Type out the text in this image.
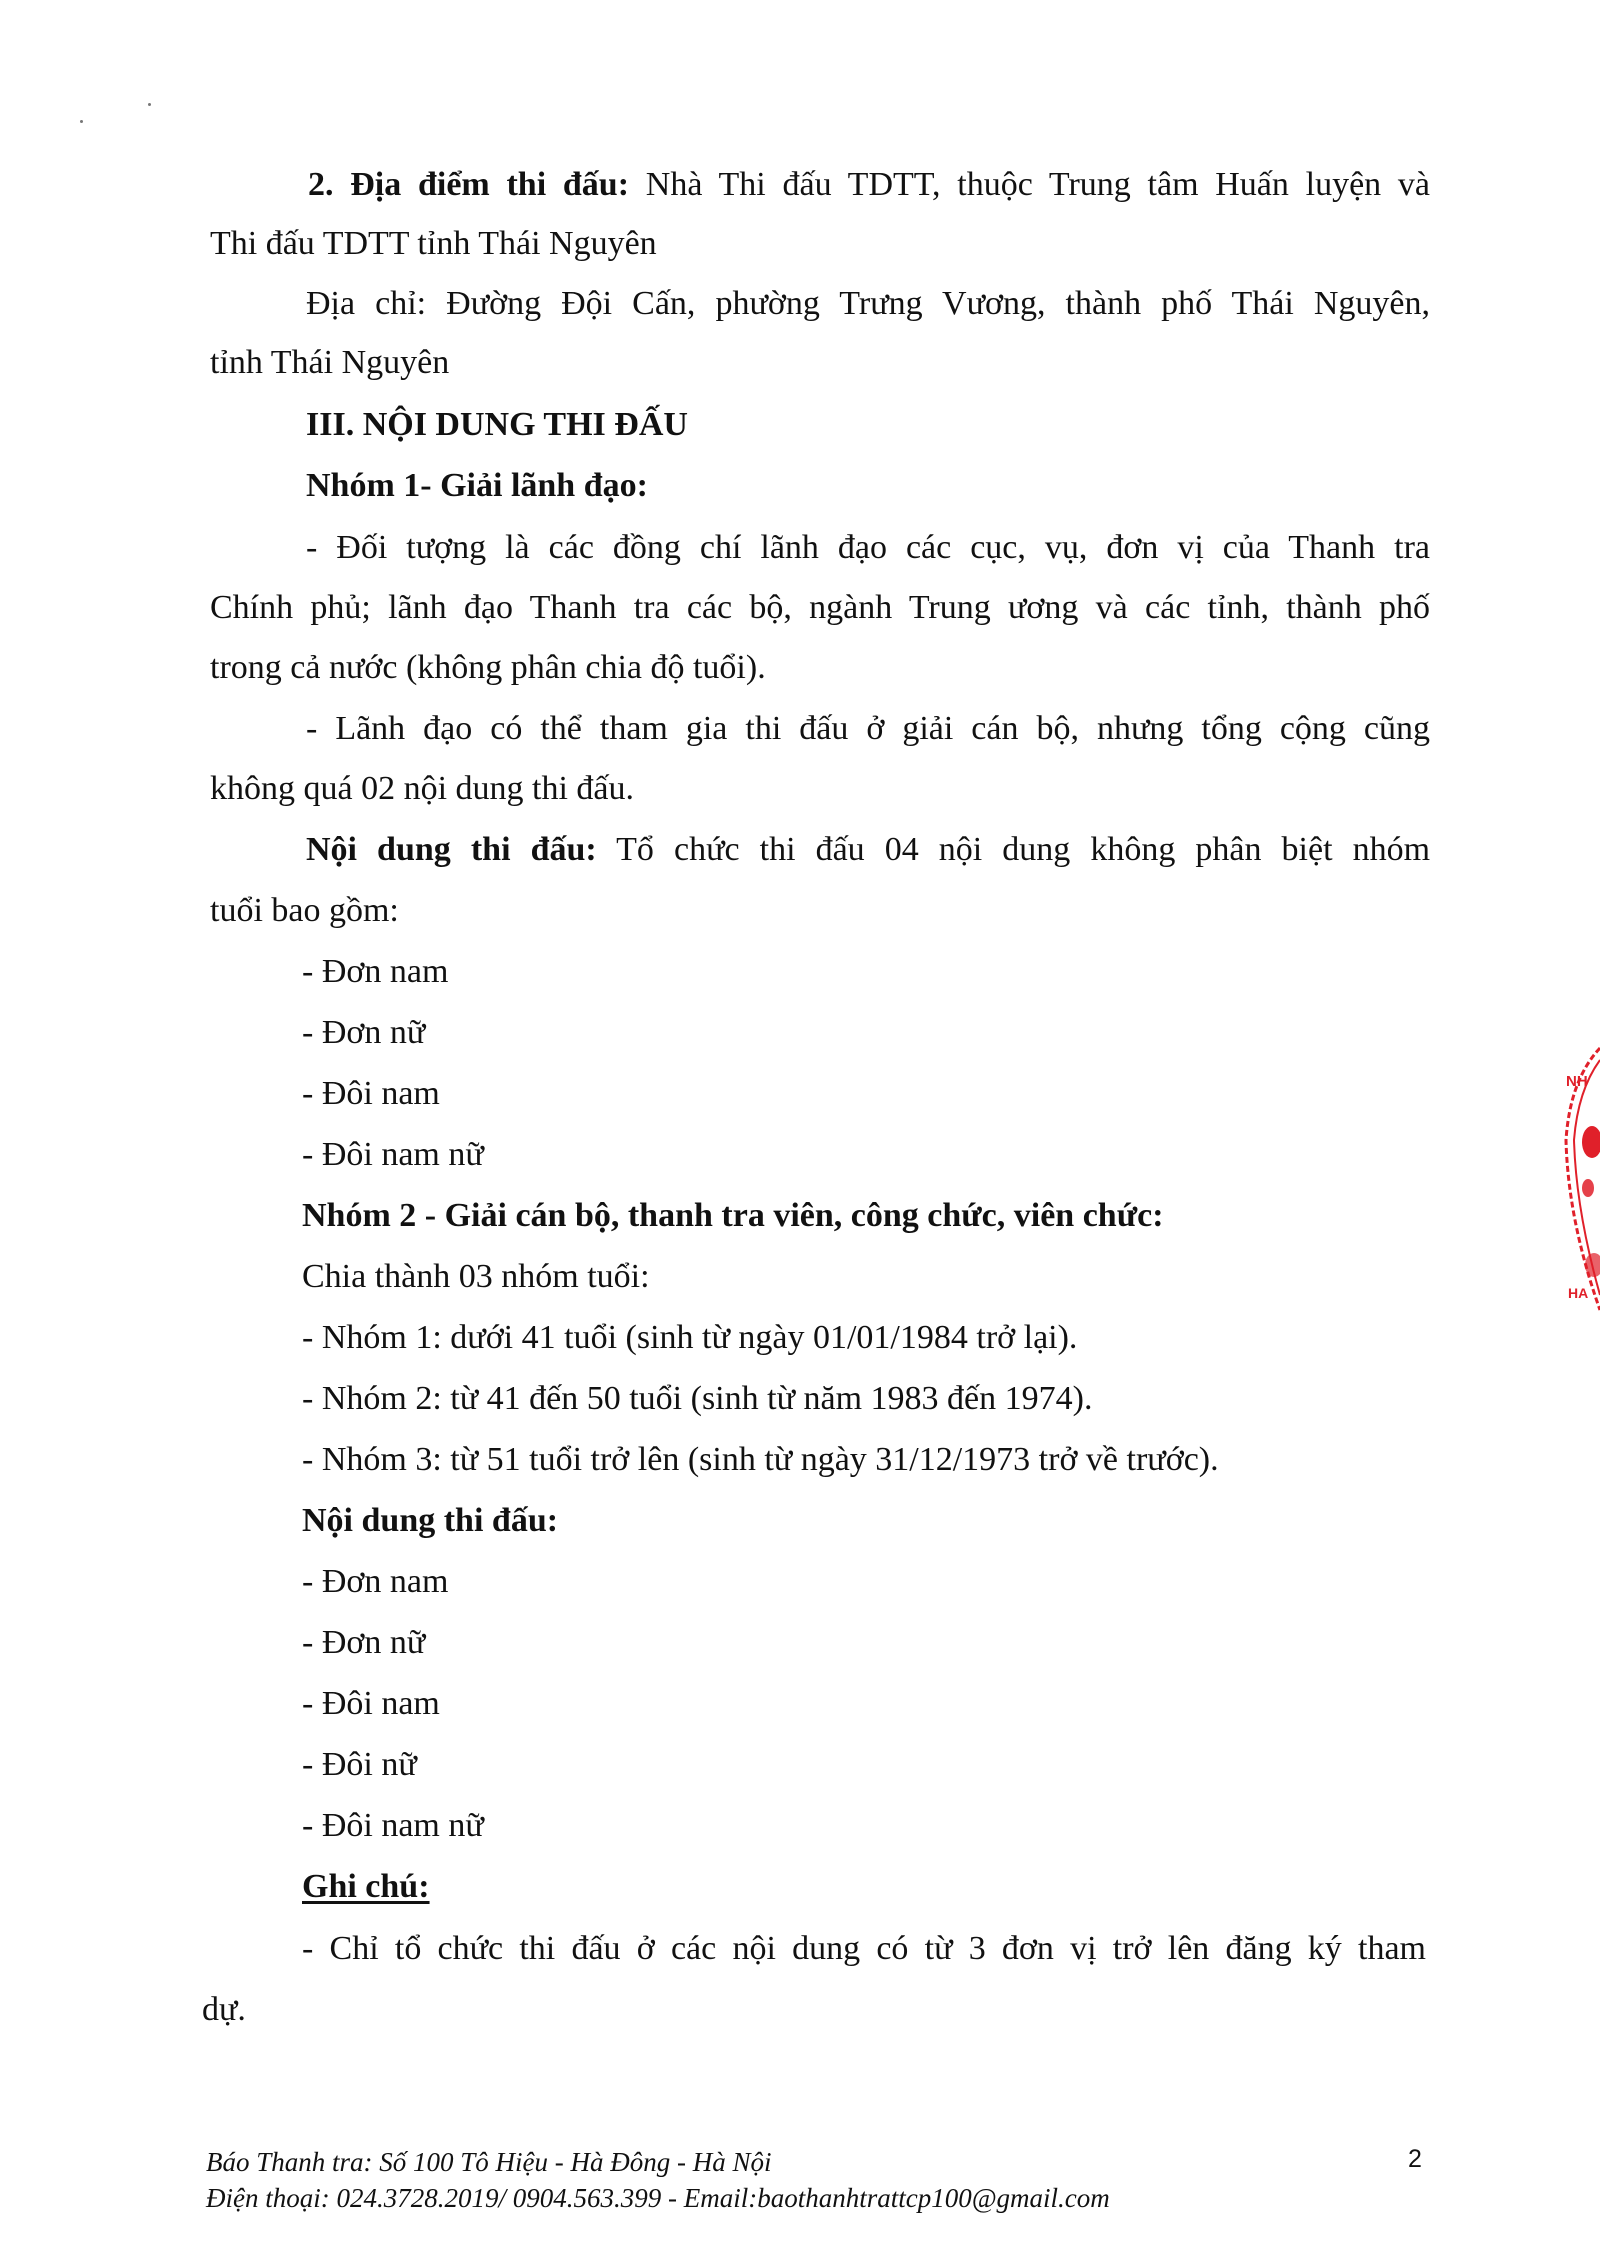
2. Địa điểm thi đấu: Nhà Thi đấu TDTT, thuộc Trung tâm Huấn luyện và

Thi đấu TDTT tỉnh Thái Nguyên

Địa chỉ: Đường Đội Cấn, phường Trưng Vương, thành phố Thái Nguyên,

tỉnh Thái Nguyên

III. NỘI DUNG THI ĐẤU

Nhóm 1- Giải lãnh đạo:

- Đối tượng là các đồng chí lãnh đạo các cục, vụ, đơn vị của Thanh tra

Chính phủ; lãnh đạo Thanh tra các bộ, ngành Trung ương và các tỉnh, thành phố

trong cả nước (không phân chia độ tuổi).

- Lãnh đạo có thể tham gia thi đấu ở giải cán bộ, nhưng tổng cộng cũng

không quá 02 nội dung thi đấu.

Nội dung thi đấu: Tổ chức thi đấu 04 nội dung không phân biệt nhóm

tuổi bao gồm:

- Đơn nam

- Đơn nữ

- Đôi nam

- Đôi nam nữ

Nhóm 2 - Giải cán bộ, thanh tra viên, công chức, viên chức:

Chia thành 03 nhóm tuổi:

- Nhóm 1: dưới 41 tuổi (sinh từ ngày 01/01/1984 trở lại).

- Nhóm 2: từ 41 đến 50 tuổi (sinh từ năm 1983 đến 1974).

- Nhóm 3: từ 51 tuổi trở lên (sinh từ ngày 31/12/1973 trở về trước).

Nội dung thi đấu:

- Đơn nam

- Đơn nữ

- Đôi nam

- Đôi nữ

- Đôi nam nữ

Ghi chú:

- Chỉ tổ chức thi đấu ở các nội dung có từ 3 đơn vị trở lên đăng ký tham

dự.

Báo Thanh tra: Số 100 Tô Hiệu - Hà Đông - Hà Nội

Điện thoại: 024.3728.2019/ 0904.563.399 - Email:baothanhtrattcp100@gmail.com

2

NH
HA
